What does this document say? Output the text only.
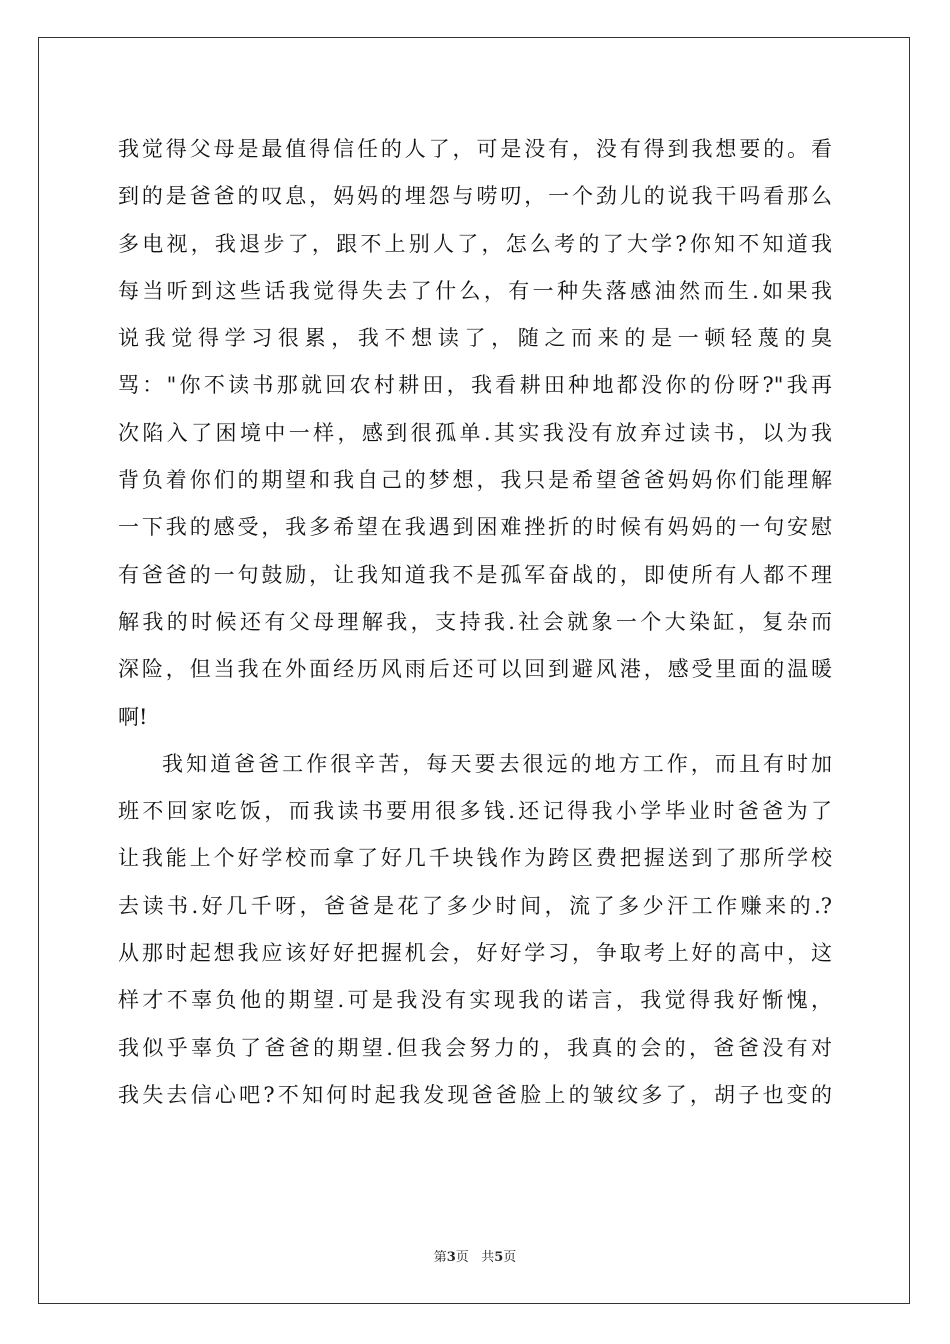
我觉得父母是最值得信任的人了，可是没有，没有得到我想要的。看
到的是爸爸的叹息，妈妈的埋怨与唠叨，一个劲儿的说我干吗看那么
多电视，我退步了，跟不上别人了，怎么考的了大学?你知不知道我
每当听到这些话我觉得失去了什么，有一种失落感油然而生.如果我
说我觉得学习很累，我不想读了，随之而来的是一顿轻蔑的臭
骂："你不读书那就回农村耕田，我看耕田种地都没你的份呀?"我再
次陷入了困境中一样，感到很孤单.其实我没有放弃过读书，以为我
背负着你们的期望和我自己的梦想，我只是希望爸爸妈妈你们能理解
一下我的感受，我多希望在我遇到困难挫折的时候有妈妈的一句安慰
有爸爸的一句鼓励，让我知道我不是孤军奋战的，即使所有人都不理
解我的时候还有父母理解我，支持我.社会就象一个大染缸，复杂而
深险，但当我在外面经历风雨后还可以回到避风港，感受里面的温暖
啊!
我知道爸爸工作很辛苦，每天要去很远的地方工作，而且有时加
班不回家吃饭，而我读书要用很多钱.还记得我小学毕业时爸爸为了
让我能上个好学校而拿了好几千块钱作为跨区费把握送到了那所学校
去读书.好几千呀，爸爸是花了多少时间，流了多少汗工作赚来的.?
从那时起想我应该好好把握机会，好好学习，争取考上好的高中，这
样才不辜负他的期望.可是我没有实现我的诺言，我觉得我好惭愧，
我似乎辜负了爸爸的期望.但我会努力的，我真的会的，爸爸没有对
我失去信心吧?不知何时起我发现爸爸脸上的皱纹多了，胡子也变的
第3页 共5页
